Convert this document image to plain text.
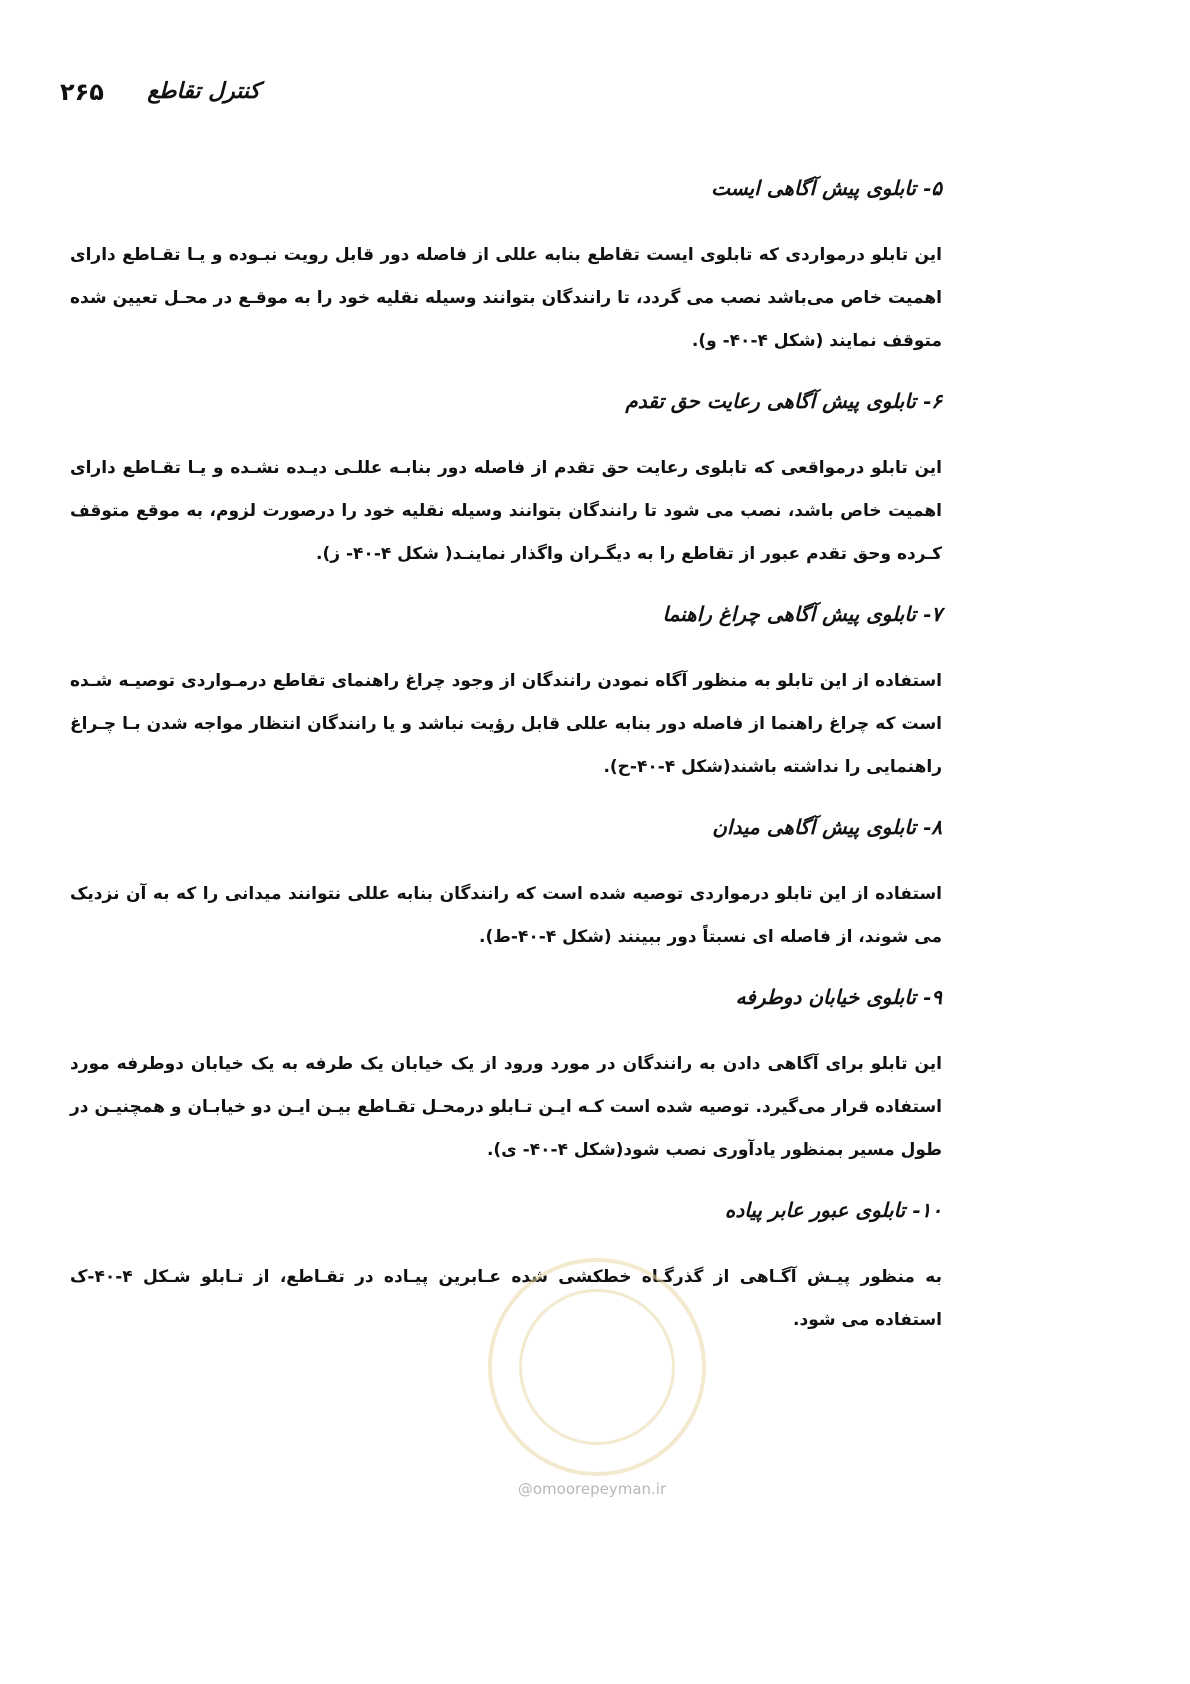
کنترل تقاطع
۲۶۵

۵- تابلوی پیش آگاهی ایست

این تابلو درمواردی که تابلوی ایست تقاطع بنابه عللی از فاصله دور قابل رویت نبـوده و یـا تقـاطع دارای اهمیت خاص می‌باشد نصب می گردد، تا رانندگان بتوانند وسیله نقلیه خود را به موقـع در محـل تعیین شده متوقف نمایند (شکل ۴-۴۰- و).

۶- تابلوی پیش آگاهی رعایت حق تقدم

این تابلو درمواقعی که تابلوی رعایت حق تقدم از فاصله دور بنابـه عللـی دیـده نشـده و یـا تقـاطع دارای اهمیت خاص باشد، نصب می شود تا رانندگان بتوانند وسیله نقلیه خود را درصورت لزوم، به موقع متوقف کـرده وحق تقدم عبور از تقاطع را به دیگـران واگذار نماینـد( شکل ۴-۴۰- ز).

۷- تابلوی پیش آگاهی چراغ راهنما

استفاده از این تابلو به منظور آگاه نمودن رانندگان از وجود چراغ راهنمای تقاطع درمـواردی توصیـه شـده است که چراغ راهنما از فاصله دور بنابه عللی قابل رؤیت نباشد و یا رانندگان انتظار مواجه شدن بـا چـراغ راهنمایی را نداشته باشند(شکل ۴-۴۰-ح).

۸- تابلوی پیش آگاهی میدان

استفاده از این تابلو درمواردی توصیه شده است که رانندگان بنابه عللی نتوانند میدانی را که به آن نزدیک می شوند، از فاصله ای نسبتاً دور ببینند (شکل ۴-۴۰-ط).

۹- تابلوی خیابان دوطرفه

این تابلو برای آگاهی دادن به رانندگان در مورد ورود از یک خیابان یک طرفه به یک خیابان دوطرفه مورد استفاده قرار می‌گیرد. توصیه شده است کـه ایـن تـابلو درمحـل تقـاطع بیـن ایـن دو خیابـان و همچنیـن در طول مسیر بمنظور یادآوری نصب شود(شکل ۴-۴۰- ی).

۱۰- تابلوی عبور عابر پیاده

به منظور پیـش آگـاهی از گذرگـاه خطکشی شده عـابرین پیـاده در تقـاطع، از تـابلو شـکل ۴-۴۰-ک استفاده می شود.

@omoorepeyman.ir
